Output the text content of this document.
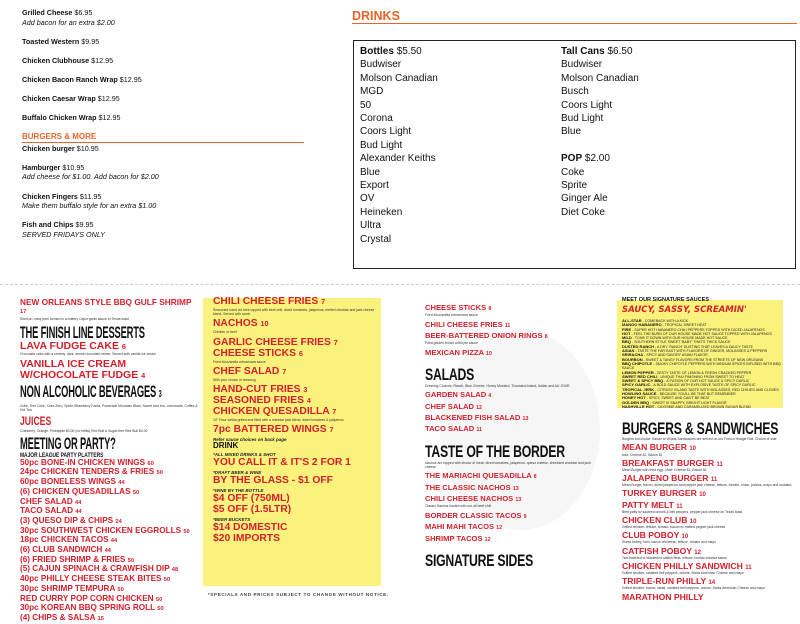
Grilled Cheese $6.95
Add bacon for an extra $2.00
Toasted Western $9.95
Chicken Clubhouse $12.95
Chicken Bacon Ranch Wrap $12.95
Chicken Caesar Wrap $12.95
Buffalo Chicken Wrap $12.95
BURGERS & MORE
Chicken burger $10.95
Hamburger $10.95
Add cheese for $1.00. Add bacon for $2.00
Chicken Fingers $11.95
Make them buffalo style for an extra $1.00
Fish and Chips $9.95
SERVED FRIDAYS ONLY
DRINKS
Bottles $5.50
Budwiser
Molson Canadian
MGD
50
Corona
Coors Light
Bud Light
Alexander Keiths
Blue
Export
OV
Heineken
Ultra
Crystal
Tall Cans $6.50
Budwiser
Molson Canadian
Busch
Coors Light
Bud Light
Blue
POP $2.00
Coke
Sprite
Ginger Ale
Diet Coke
NEW ORLEANS STYLE BBQ GULF SHRIMP 17
Shell-on, easy peel formed in a buttery Cajun garlic sauce or Texas toast
THE FINISH LINE DESSERTS
LAVA FUDGE CAKE 6
Chocolate cake with a creamy, dark, dense chocolate center. Served with vanilla ice cream
VANILLA ICE CREAM W/CHOCOLATE FUDGE 4
NON ALCOHOLIC BEVERAGES 3
Coke, Diet Coke, Coke Zero, Sprite,Strawberry Fanta, Powerade Mountain Blast, Sweet iced tea, Lemonade, Coffee & Hot Tea
JUICES
Cranberry, Orange, Pineapple $3.00 (no refills) Red Bull & Sugar-free Red Bull $4.00
MEETING OR PARTY?
MAJOR LEAGUE PARTY PLATTERS
50pc BONE-IN CHICKEN WINGS 60
24pc CHICKEN TENDERS & FRIES 50
60pc BONELESS WINGS 44
(6) CHICKEN QUESADILLAS 50
CHEF SALAD 44
TACO SALAD 44
(3) QUESO DIP & CHIPS 24
30pc SOUTHWEST CHICKEN EGGROLLS 50
18pc CHICKEN TACOS 44
(6) CLUB SANDWICH 44
(6) FRIED SHRIMP & FRIES 50
(5) CAJUN SPINACH & CRAWFISH DIP 48
40pc PHILLY CHEESE STEAK BITES 50
30pc SHRIMP TEMPURA 50
RED CURRY POP CORN CHICKEN 50
30pc KOREAN BBQ SPRING ROLL 50
(4) CHIPS & SALSA 15
CHILI CHEESE FRIES 7
Seasoned hand cut fries topped with beef chili, diced tomatoes, jalapenos, melted cheddar and jack cheese blend. Served with ranch
NACHOS 10
Chicken or beef
GARLIC CHEESE FRIES 7
CHEESE STICKS 6
Fried Mozzarella w/marinara sauce
CHEF SALAD 7
With your choice of dressing
HAND-CUT FRIES 3
SEASONED FRIES 4
CHICKEN QUESADILLA 7
10" Flour tortilla grilled and filled with a cheddar jack blend, diced tomatoes & jalapenos
7pc BATTERED WINGS 7
Refer sauce choices on back page
DRINK
*ALL MIXED DRINKS & SHOT
YOU CALL IT & IT'S 2 FOR 1
*DRAFT BEER & WINE
BY THE GLASS - $1 OFF
*WINE BY THE BOTTLE
$4 OFF (750ML)
$5 OFF (1.5LTR)
*BEER BUCKETS
$14 DOMESTIC
$20 IMPORTS
*SPECIALS AND PRICES SUBJECT TO CHANGE WITHOUT NOTICE.
CHEESE STICKS 8
Fried Mozzarella w/marinara sauce
CHILI CHEESE FRIES 11
BEER-BATTERED ONION RINGS 8
Fried golden brown w/dill pie sauce
MEXICAN PIZZA 10
SALADS
Dressing Choices: Ranch, Blue Cheese, Honey Mustard, Thousand Island, Italian and AU JOUR
GARDEN SALAD 4
CHEF SALAD 12
BLACKENED FISH SALAD 13
TACO SALAD 11
TASTE OF THE BORDER
Nachos are topped with choice of meat, diced tomatoes, jalapenos, queso cheese, shredded cheddar and jack cheese
THE MARIACHI QUESADILLA 8
THE CLASSIC NACHOS 13
CHILI CHEESE NACHOS 13
Classic Nachos loaded with our all beef chili
BORDER CLASSIC TACOS 9
MAHI MAHI TACOS 12
SHRIMP TACOS 12
SIGNATURE SIDES
MEET OUR SIGNATURE SAUCES
SAUCY, SASSY, SCREAMIN'
ALL-STAR - COMEBACK WITH A KICK
MANGO HABANERO - TROPICAL SWEET HEAT
FIRE - SUPER HOT HABANERO CHILI PEPPERS TOPPED WITH DICED JALAPENOS
HOT - FEEL THE BURN OF OUR HOUSE MADE HOT SAUCE TOPPED WITH JALAPENOS
MILD - TONE IT DOWN WITH OUR HOUSE MADE HOT SAUCE
BBQ - SOUTHERN STYLE SWEET 'BABY' THAT'S THICK SAUCE
DUSTED RANCH - A DRY 'RANCH' DUSTING THAT LEAVES A ZAUCY TASTE
ASIAN - TASTE THE FAR EAST WITH FLAVORS OF GINGER, MOLASSES & PEPPERS
SRIRACHA - SPICY AND SAVORY ASIAN FLAVOR
BOURBON - SWEET & TANGY FLAVORS FROM THE STREETS OF NEW ORLEANS
BBQ CHIPOTLE - SMOKY CHIPOTLE PEPPERS WITH MEDIUM SPICES INFUSED WITH BBQ SAUCE
LEMON PEPPER - ZESTY TASTE OF LEMON & FRESH CRACKED PEPPER
SWEET RED CHILI - UNIQUE THAI FINISHING FROM SWEET TO HEAT
SWEET & SPICY BBQ - A FUSION OF OUR HOT SAUCE & SPICY GARLIC
SPICY GARLIC - A BOLD SAUCE WITH EXPLOSIVE TASTE OF SPICY GARLIC
TROPICAL JERK - CITRUSY ISLAND TASTE WITH MOLASSES, RED CHILIES AND CLOVES
HOWLING SAUCE - BECAUSE YOU'LL BE THAT BUT REMEMBER
HONEY HOT - SPICY, SWEET AND CAN'T BE BEAT
GOLDEN BBQ - SWEET N' SNAPPY, BRIGHT LIGHT FLAVOR
NASHVILLE HOT - CAYENNE AND CARAMELIZED BROWN SUGAR BLEND
BURGERS & SANDWICHES
Burgers but choice: Kaiser or Wheat Sandwiches are served on our French Hoagie Roll. Choice of side
MEAN BURGER 10
Add: Cheese $1, Bacon $1
BREAKFAST BURGER 11
Mean Burger with fried egg. | Add: Cheese $1, Bacon $1
JALAPENO BURGER 11
Mean Burger, bacon, diced jalapenos and pepper jack cheese, lettuce, tomato, onion, pickles, mayo and mustard
TURKEY BURGER 10
PATTY MELT 11
Beef patty w/ sautéed onions & bell peppers, pepper jack cheese on Texas toast
CHICKEN CLUB 10
Grilled chicken, lettuce, tomato, bacon w/ melted pepper jack cheese
CLUB POBOY 10
Sliced turkey, ham, bacon w/cheese, lettuce, tomato and mayo
CATFISH POBOY 12
Two battered or blackened catfish filets, lettuce, tomato w/tartar sauce
CHICKEN PHILLY SANDWICH 11
Grilled chicken, sautéed bell peppers, onions, Swiss American Cheese and mayo
TRIPLE-RUN PHILLY 14
Grilled chicken, bacon, steak, sautéed bell peppers, onions, Swiss American Cheese and mayo
MARATHON PHILLY
